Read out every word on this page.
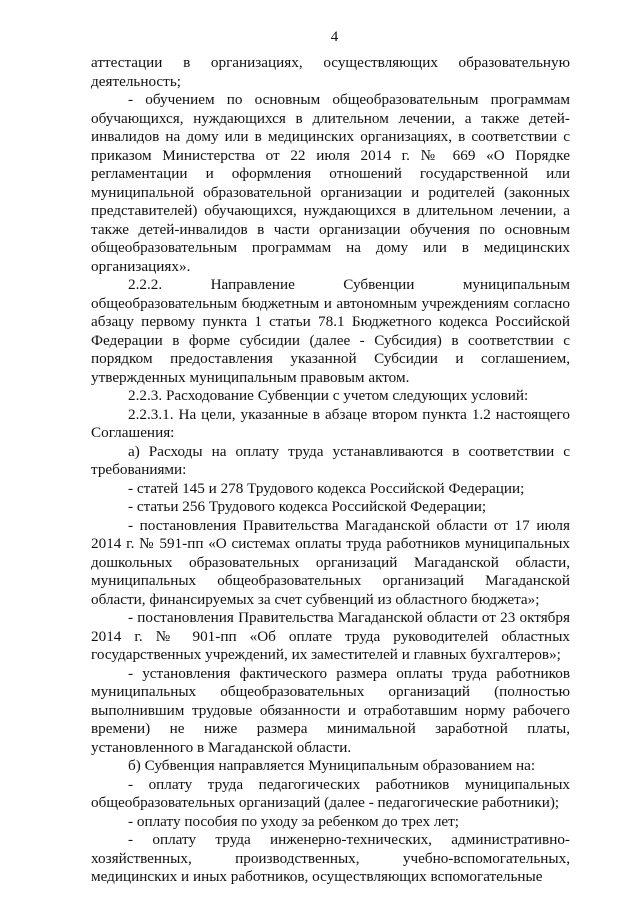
4

аттестации в организациях, осуществляющих образовательную деятельность;

- обучением по основным общеобразовательным программам обучающихся, нуждающихся в длительном лечении, а также детей-инвалидов на дому или в медицинских организациях, в соответствии с приказом Министерства от 22 июля 2014 г. № 669 «О Порядке регламентации и оформления отношений государственной или муниципальной образовательной организации и родителей (законных представителей) обучающихся, нуждающихся в длительном лечении, а также детей-инвалидов в части организации обучения по основным общеобразовательным программам на дому или в медицинских организациях».

2.2.2. Направление Субвенции муниципальным общеобразовательным бюджетным и автономным учреждениям согласно абзацу первому пункта 1 статьи 78.1 Бюджетного кодекса Российской Федерации в форме субсидии (далее - Субсидия) в соответствии с порядком предоставления указанной Субсидии и соглашением, утвержденных муниципальным правовым актом.

2.2.3. Расходование Субвенции с учетом следующих условий:

2.2.3.1. На цели, указанные в абзаце втором пункта 1.2 настоящего Соглашения:

а) Расходы на оплату труда устанавливаются в соответствии с требованиями:

- статей 145 и 278 Трудового кодекса Российской Федерации;

- статьи 256 Трудового кодекса Российской Федерации;

- постановления Правительства Магаданской области от 17 июля 2014 г. № 591-пп «О системах оплаты труда работников муниципальных дошкольных образовательных организаций Магаданской области, муниципальных общеобразовательных организаций Магаданской области, финансируемых за счет субвенций из областного бюджета»;

- постановления Правительства Магаданской области от 23 октября 2014 г. № 901-пп «Об оплате труда руководителей областных государственных учреждений, их заместителей и главных бухгалтеров»;

- установления фактического размера оплаты труда работников муниципальных общеобразовательных организаций (полностью выполнившим трудовые обязанности и отработавшим норму рабочего времени) не ниже размера минимальной заработной платы, установленного в Магаданской области.

б) Субвенция направляется Муниципальным образованием на:

- оплату труда педагогических работников муниципальных общеобразовательных организаций (далее - педагогические работники);

- оплату пособия по уходу за ребенком до трех лет;

- оплату труда инженерно-технических, административно-хозяйственных, производственных, учебно-вспомогательных, медицинских и иных работников, осуществляющих вспомогательные
